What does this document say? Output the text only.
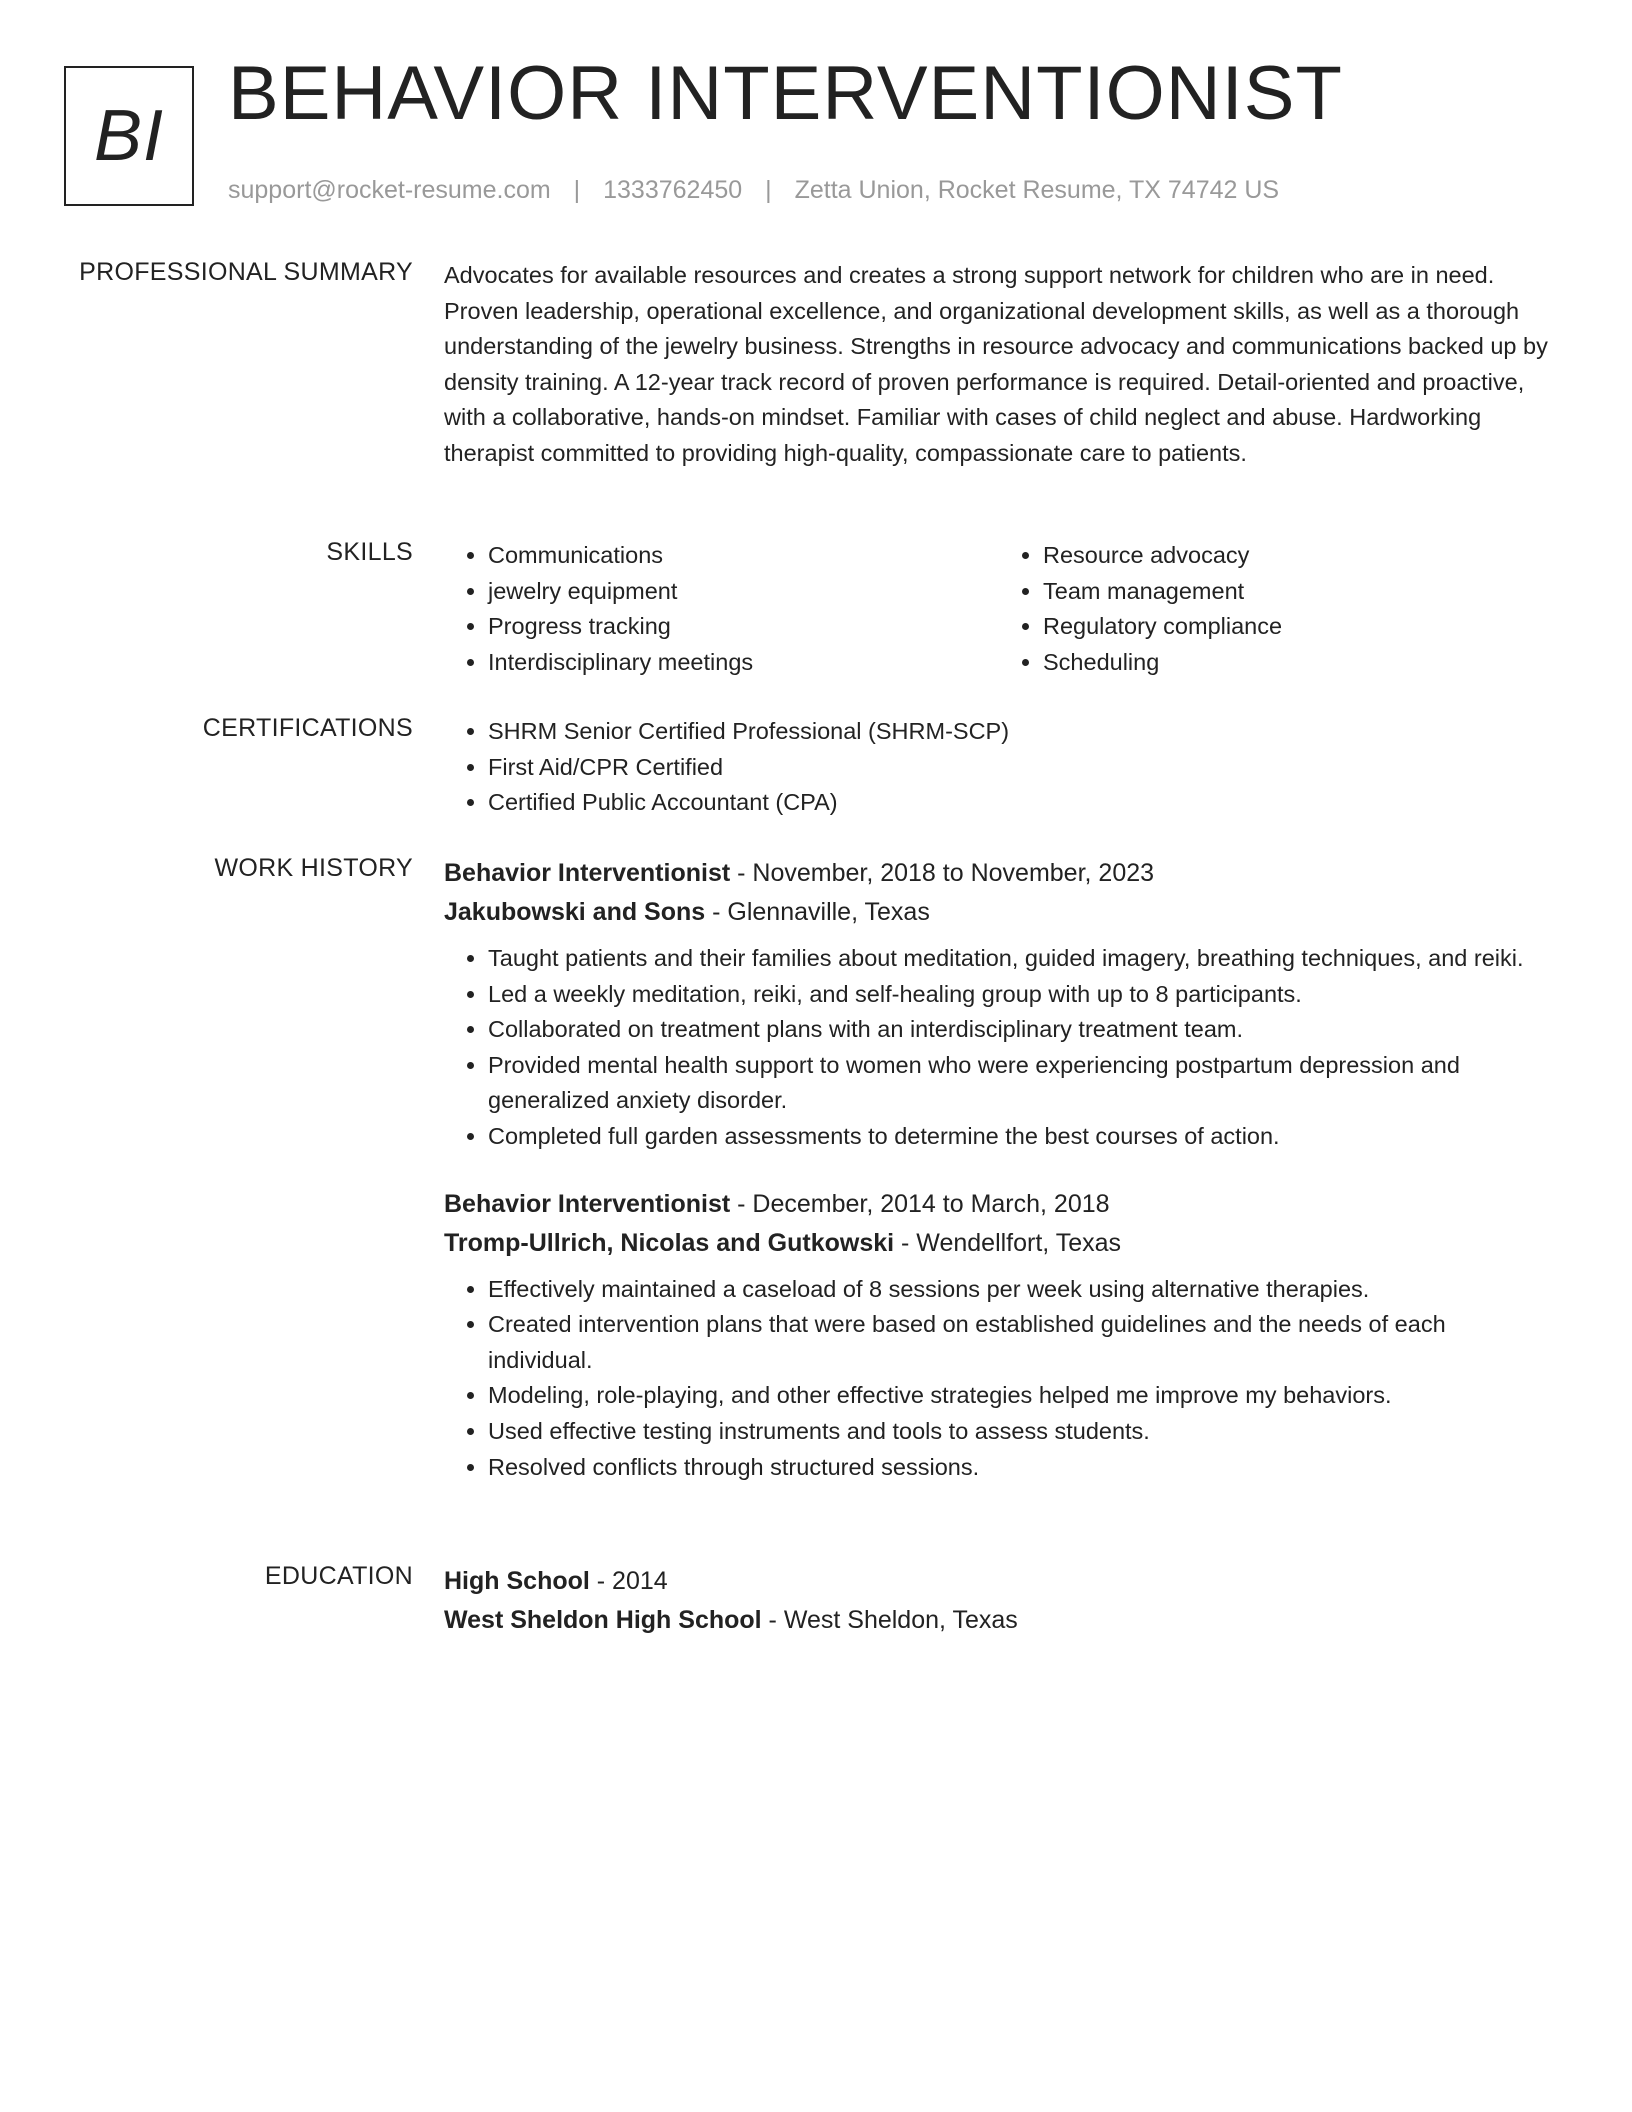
BI BEHAVIOR INTERVENTIONIST
support@rocket-resume.com | 1333762450 | Zetta Union, Rocket Resume, TX 74742 US
PROFESSIONAL SUMMARY Advocates for available resources and creates a strong support network for children who are in need. Proven leadership, operational excellence, and organizational development skills, as well as a thorough understanding of the jewelry business. Strengths in resource advocacy and communications backed up by density training. A 12-year track record of proven performance is required. Detail-oriented and proactive, with a collaborative, hands-on mindset. Familiar with cases of child neglect and abuse. Hardworking therapist committed to providing high-quality, compassionate care to patients.

SKILLS	• Communications
• jewelry equipment
• Progress tracking
• Interdisciplinary meetings
• Resource advocacy
• Team management
• Regulatory compliance
• Scheduling
CERTIFICATIONS	• SHRM Senior Certified Professional (SHRM-SCP)
• First Aid/CPR Certified
• Certified Public Accountant (CPA)
WORK HISTORY Behavior Interventionist - November, 2018 to November, 2023
Jakubowski and Sons - Glennaville, Texas
• Taught patients and their families about meditation, guided imagery, breathing techniques, and reiki.
• Led a weekly meditation, reiki, and self-healing group with up to 8 participants.
• Collaborated on treatment plans with an interdisciplinary treatment team.
• Provided mental health support to women who were experiencing postpartum depression and generalized anxiety disorder.
• Completed full garden assessments to determine the best courses of action.
Behavior Interventionist - December, 2014 to March, 2018
Tromp-Ullrich, Nicolas and Gutkowski - Wendellfort, Texas
• Effectively maintained a caseload of 8 sessions per week using alternative therapies.
• Created intervention plans that were based on established guidelines and the needs of each individual.
• Modeling, role-playing, and other effective strategies helped me improve my behaviors.
• Used effective testing instruments and tools to assess students.
• Resolved conflicts through structured sessions.
EDUCATION High School - 2014
West Sheldon High School - West Sheldon, Texas
